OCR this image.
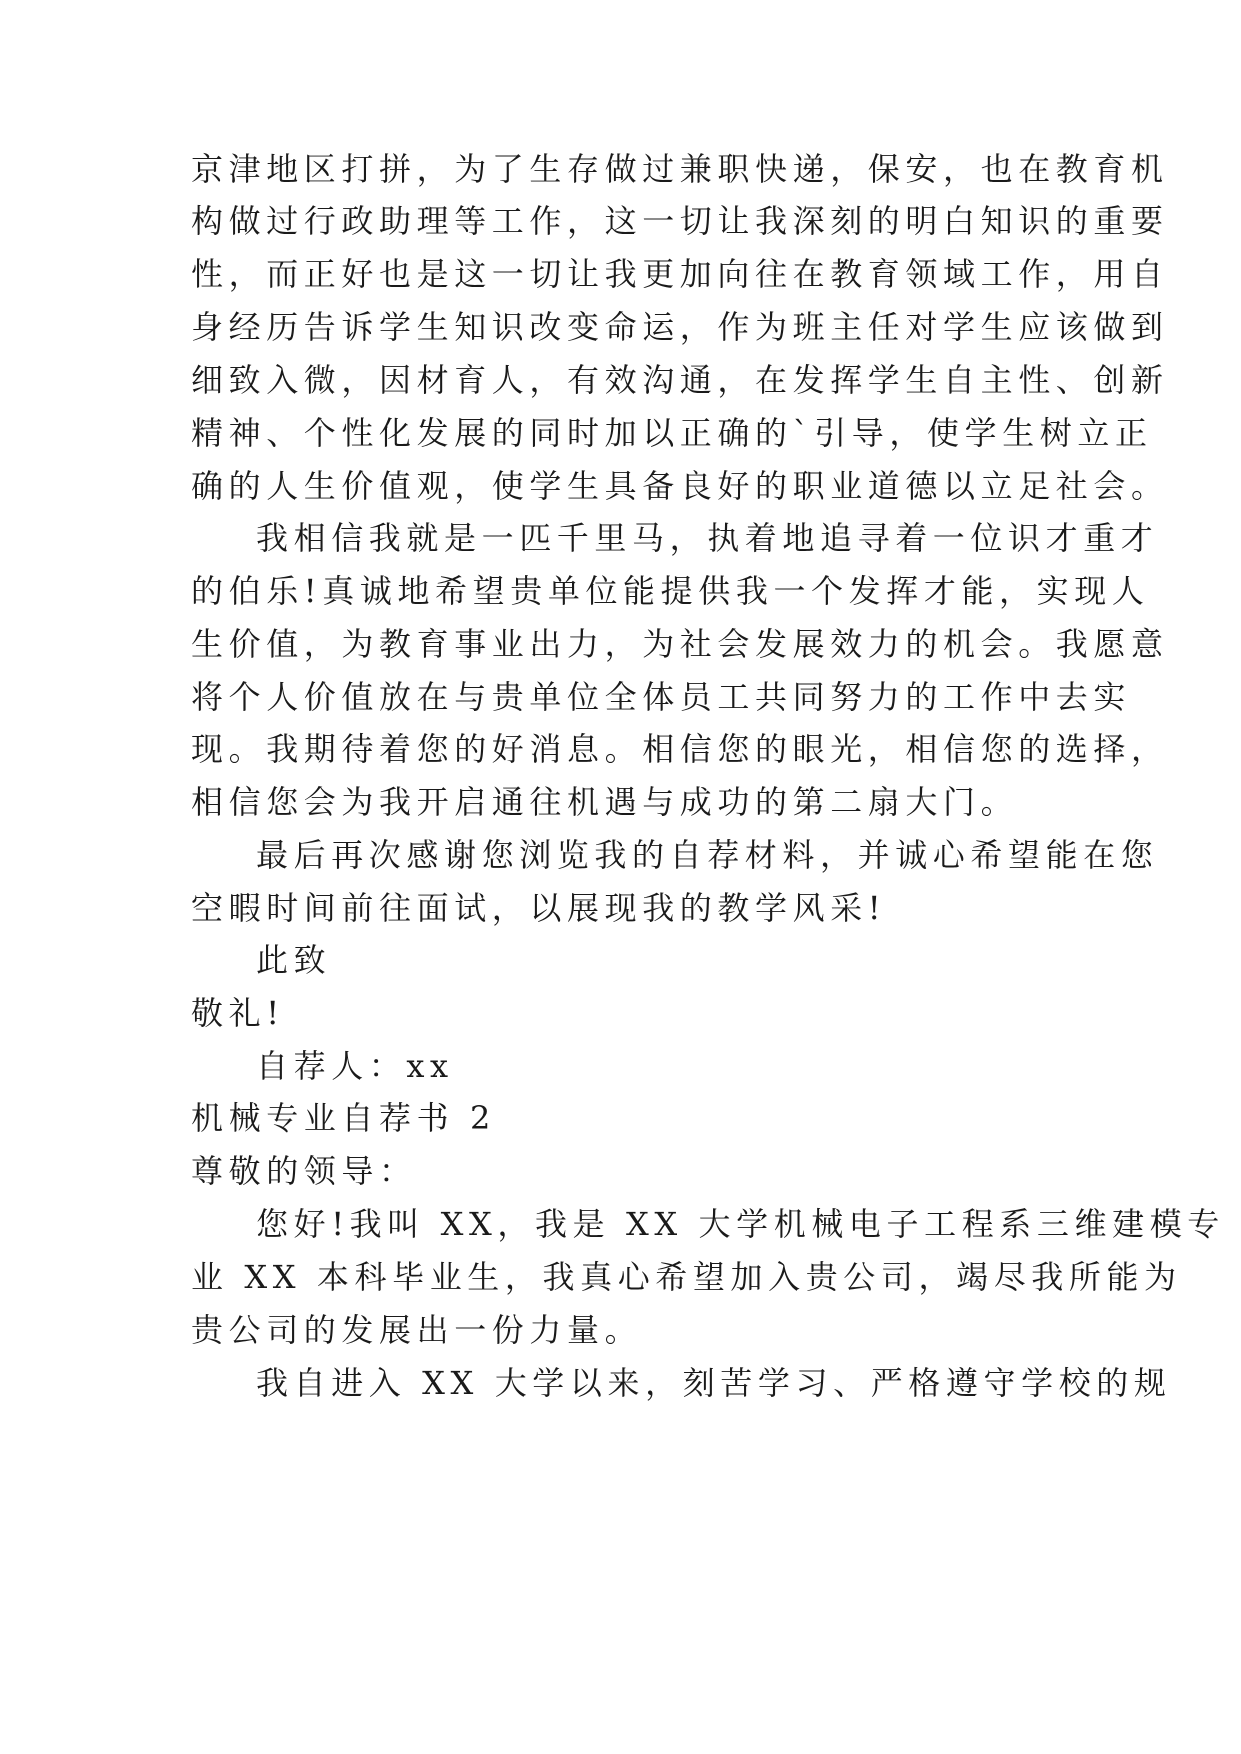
京津地区打拼，为了生存做过兼职快递，保安，也在教育机
构做过行政助理等工作，这一切让我深刻的明白知识的重要
性，而正好也是这一切让我更加向往在教育领域工作，用自
身经历告诉学生知识改变命运，作为班主任对学生应该做到
细致入微，因材育人，有效沟通，在发挥学生自主性、创新
精神、个性化发展的同时加以正确的`引导，使学生树立正
确的人生价值观，使学生具备良好的职业道德以立足社会。
我相信我就是一匹千里马，执着地追寻着一位识才重才
的伯乐!真诚地希望贵单位能提供我一个发挥才能，实现人
生价值，为教育事业出力，为社会发展效力的机会。我愿意
将个人价值放在与贵单位全体员工共同努力的工作中去实
现。我期待着您的好消息。相信您的眼光，相信您的选择，
相信您会为我开启通往机遇与成功的第二扇大门。
最后再次感谢您浏览我的自荐材料，并诚心希望能在您
空暇时间前往面试，以展现我的教学风采!
此致
敬礼!
自荐人：xx
机械专业自荐书 2
尊敬的领导：
您好!我叫 XX，我是 XX 大学机械电子工程系三维建模专
业 XX 本科毕业生，我真心希望加入贵公司，竭尽我所能为
贵公司的发展出一份力量。
我自进入 XX 大学以来，刻苦学习、严格遵守学校的规
